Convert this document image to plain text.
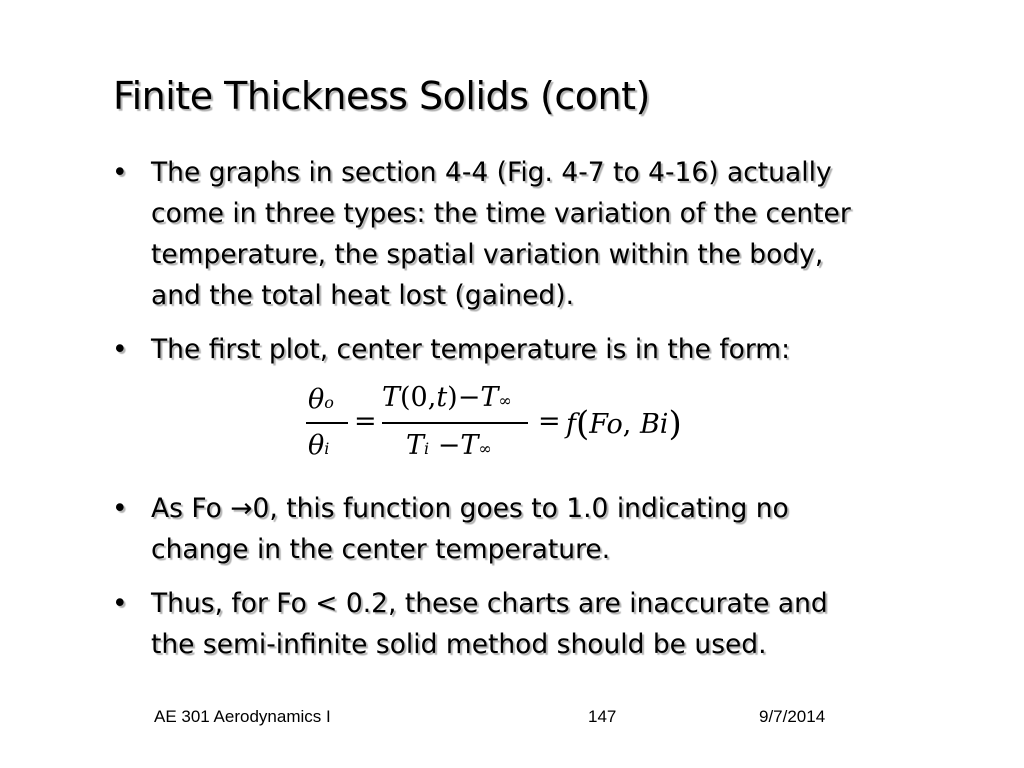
Finite Thickness Solids (cont)
• The graphs in section 4-4 (Fig. 4-7 to 4-16) actually
come in three types: the time variation of the center
temperature, the spatial variation within the body,
and the total heat lost (gained).
• The first plot, center temperature is in the form:
θo
θi
=
T(0,t)−T∞
Ti −T∞
= f(Fo, Bi)
• As Fo →0, this function goes to 1.0 indicating no
change in the center temperature.
• Thus, for Fo < 0.2, these charts are inaccurate and
the semi-infinite solid method should be used.
AE 301 Aerodynamics I	147	9/7/2014
